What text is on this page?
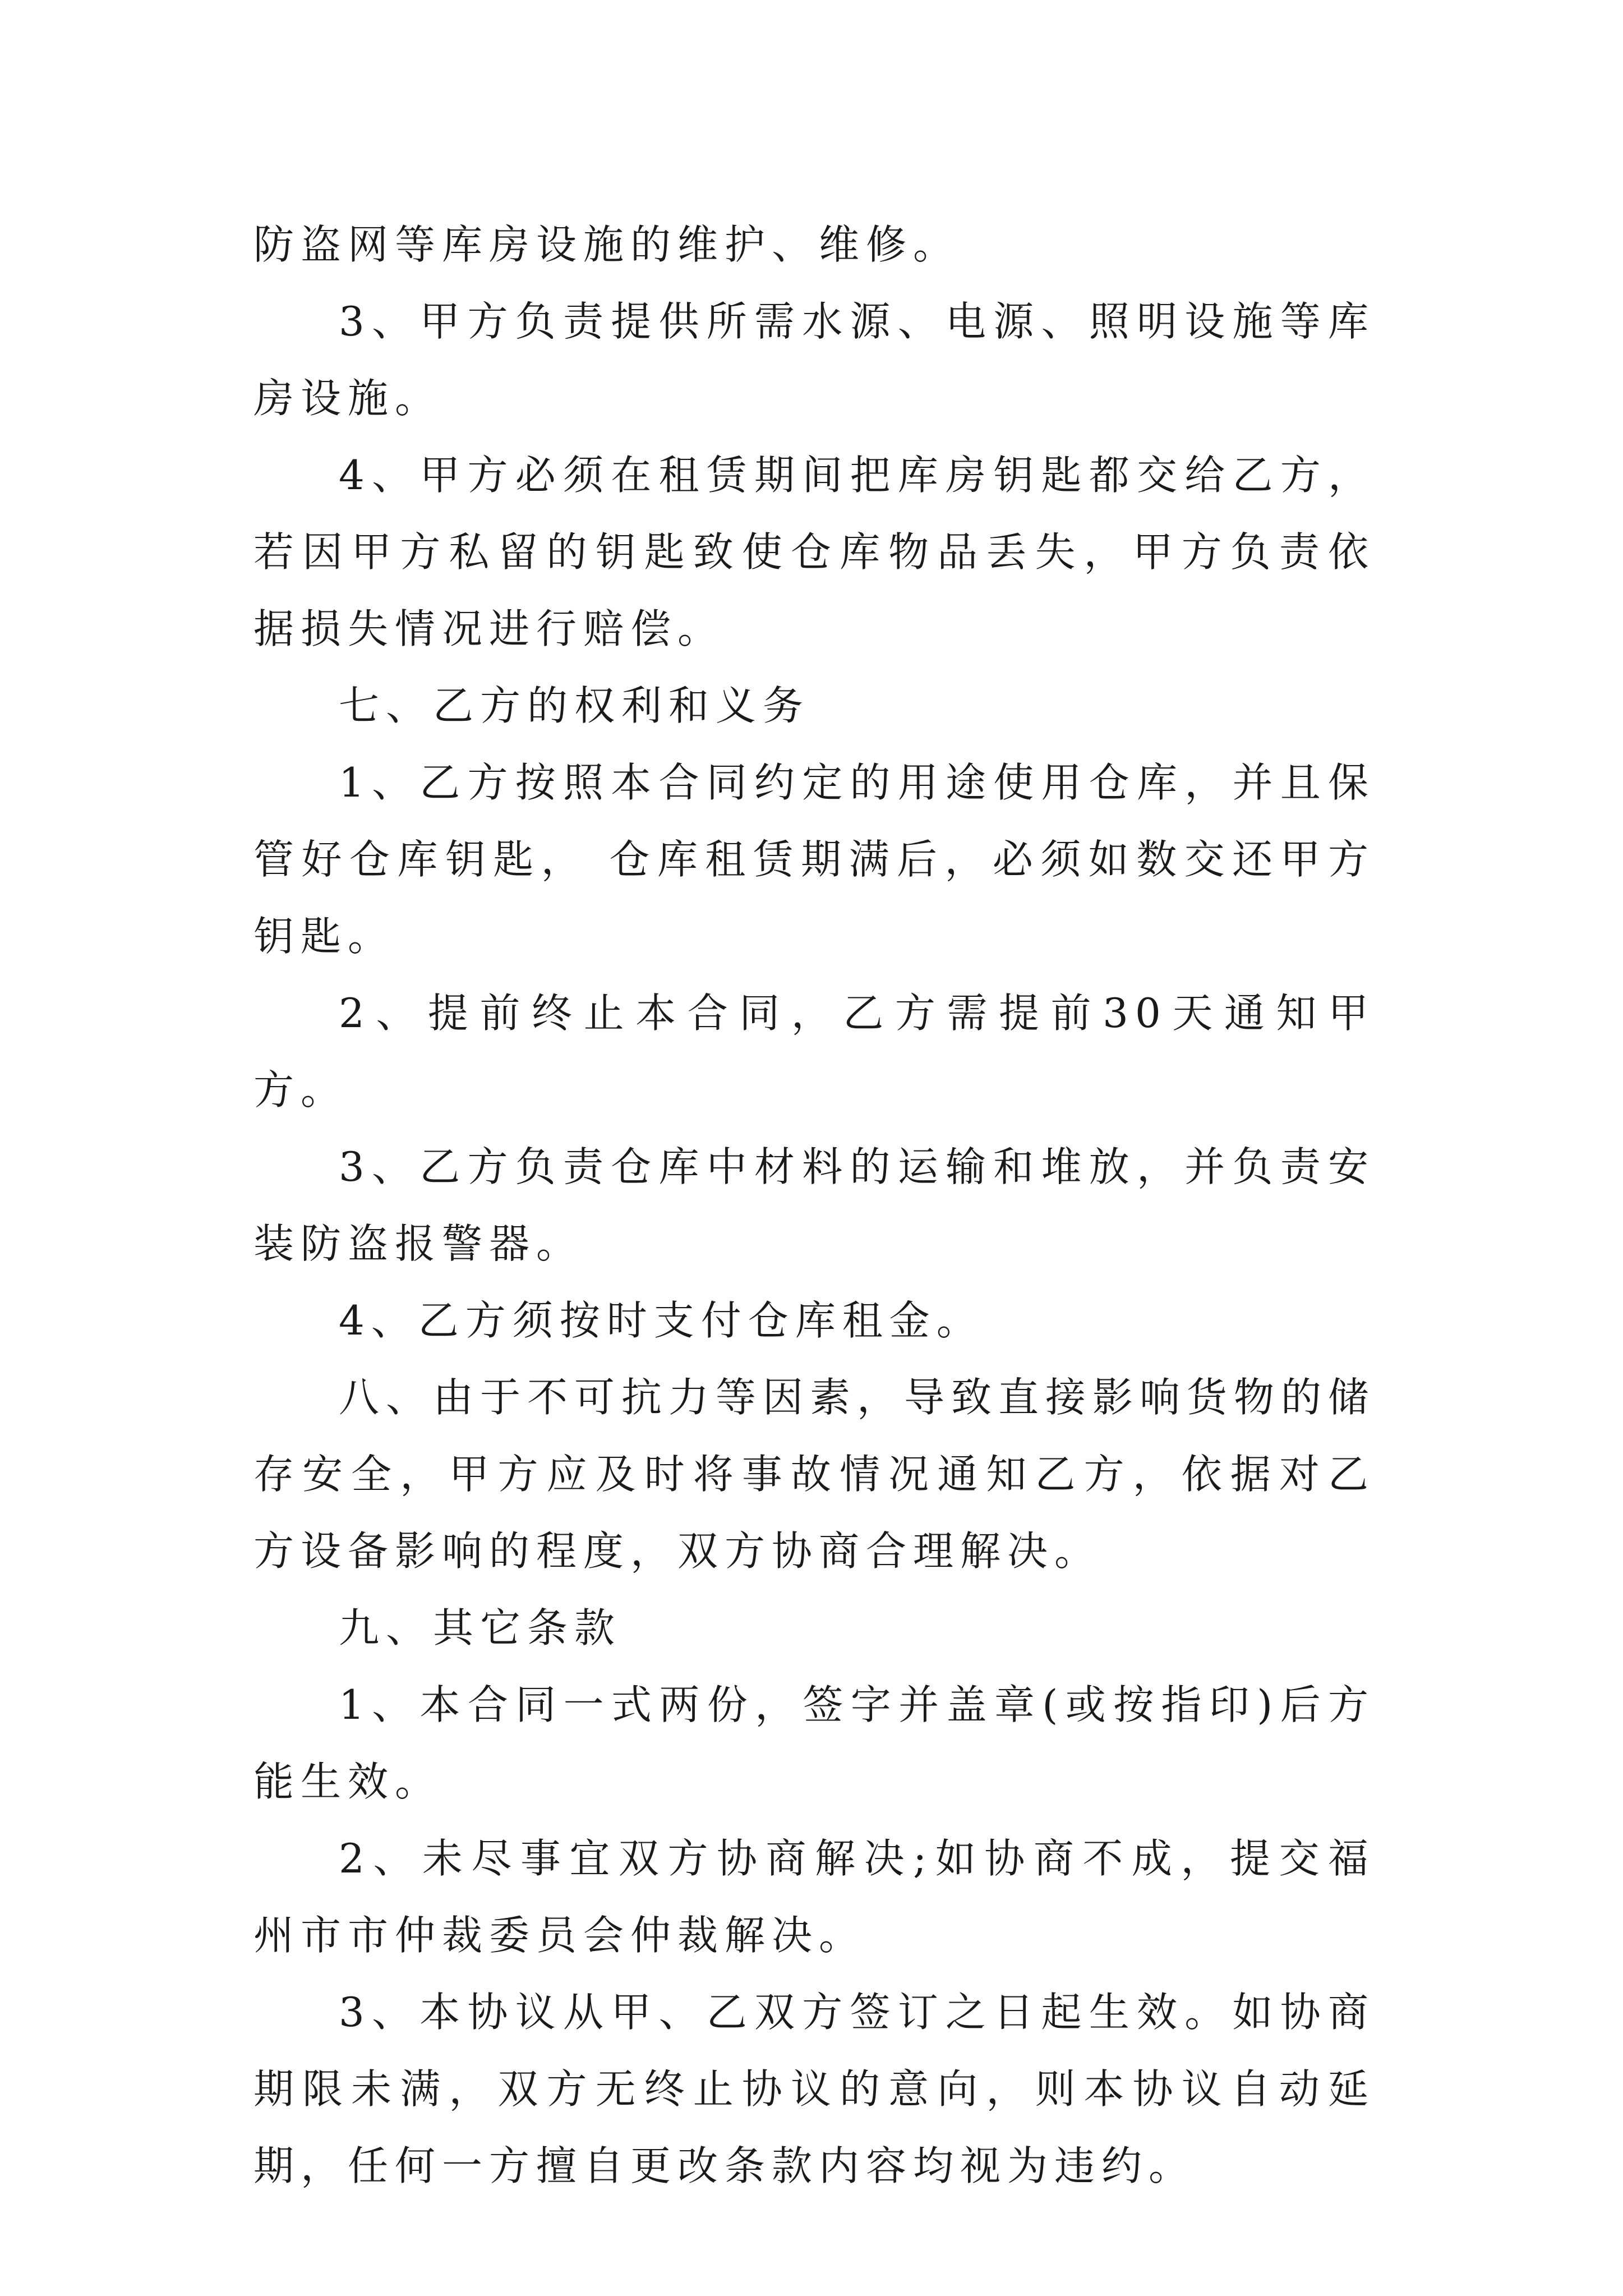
防盗网等库房设施的维护、维修。

3、甲方负责提供所需水源、电源、照明设施等库房设施。

4、甲方必须在租赁期间把库房钥匙都交给乙方，若因甲方私留的钥匙致使仓库物品丢失，甲方负责依据损失情况进行赔偿。

七、乙方的权利和义务

1、乙方按照本合同约定的用途使用仓库，并且保管好仓库钥匙， 仓库租赁期满后，必须如数交还甲方钥匙。

2、提前终止本合同，乙方需提前30天通知甲方。

3、乙方负责仓库中材料的运输和堆放，并负责安装防盗报警器。

4、乙方须按时支付仓库租金。

八、由于不可抗力等因素，导致直接影响货物的储存安全，甲方应及时将事故情况通知乙方，依据对乙方设备影响的程度，双方协商合理解决。

九、其它条款

1、本合同一式两份，签字并盖章(或按指印)后方能生效。

2、未尽事宜双方协商解决;如协商不成，提交福州市市仲裁委员会仲裁解决。

3、本协议从甲、乙双方签订之日起生效。如协商期限未满，双方无终止协议的意向，则本协议自动延期，任何一方擅自更改条款内容均视为违约。
